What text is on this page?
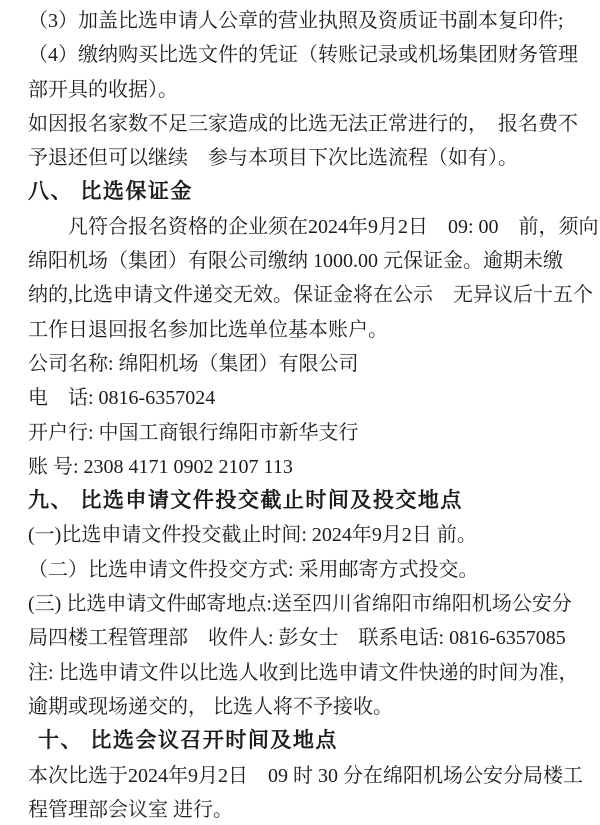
（3）加盖比选申请人公章的营业执照及资质证书副本复印件;
（4）缴纳购买比选文件的凭证（转账记录或机场集团财务管理
部开具的收据）。
如因报名家数不足三家造成的比选无法正常进行的，　报名费不
予退还但可以继续　参与本项目下次比选流程（如有）。
八、 比选保证金
凡符合报名资格的企业须在2024年9月2日　09: 00　前，须向
绵阳机场（集团）有限公司缴纳 1000.00 元保证金。逾期未缴
纳的,比选申请文件递交无效。保证金将在公示　无异议后十五个
工作日退回报名参加比选单位基本账户。
公司名称: 绵阳机场（集团）有限公司
电　话: 0816-6357024
开户行: 中国工商银行绵阳市新华支行
账 号: 2308 4171 0902 2107 113
九、 比选申请文件投交截止时间及投交地点
(一)比选申请文件投交截止时间: 2024年9月2日 前。
（二）比选申请文件投交方式: 采用邮寄方式投交。
(三) 比选申请文件邮寄地点:送至四川省绵阳市绵阳机场公安分
局四楼工程管理部　收件人: 彭女士　联系电话: 0816-6357085
注: 比选申请文件以比选人收到比选申请文件快递的时间为准，
逾期或现场递交的， 比选人将不予接收。
十、 比选会议召开时间及地点
本次比选于2024年9月2日　09 时 30 分在绵阳机场公安分局楼工
程管理部会议室 进行。
